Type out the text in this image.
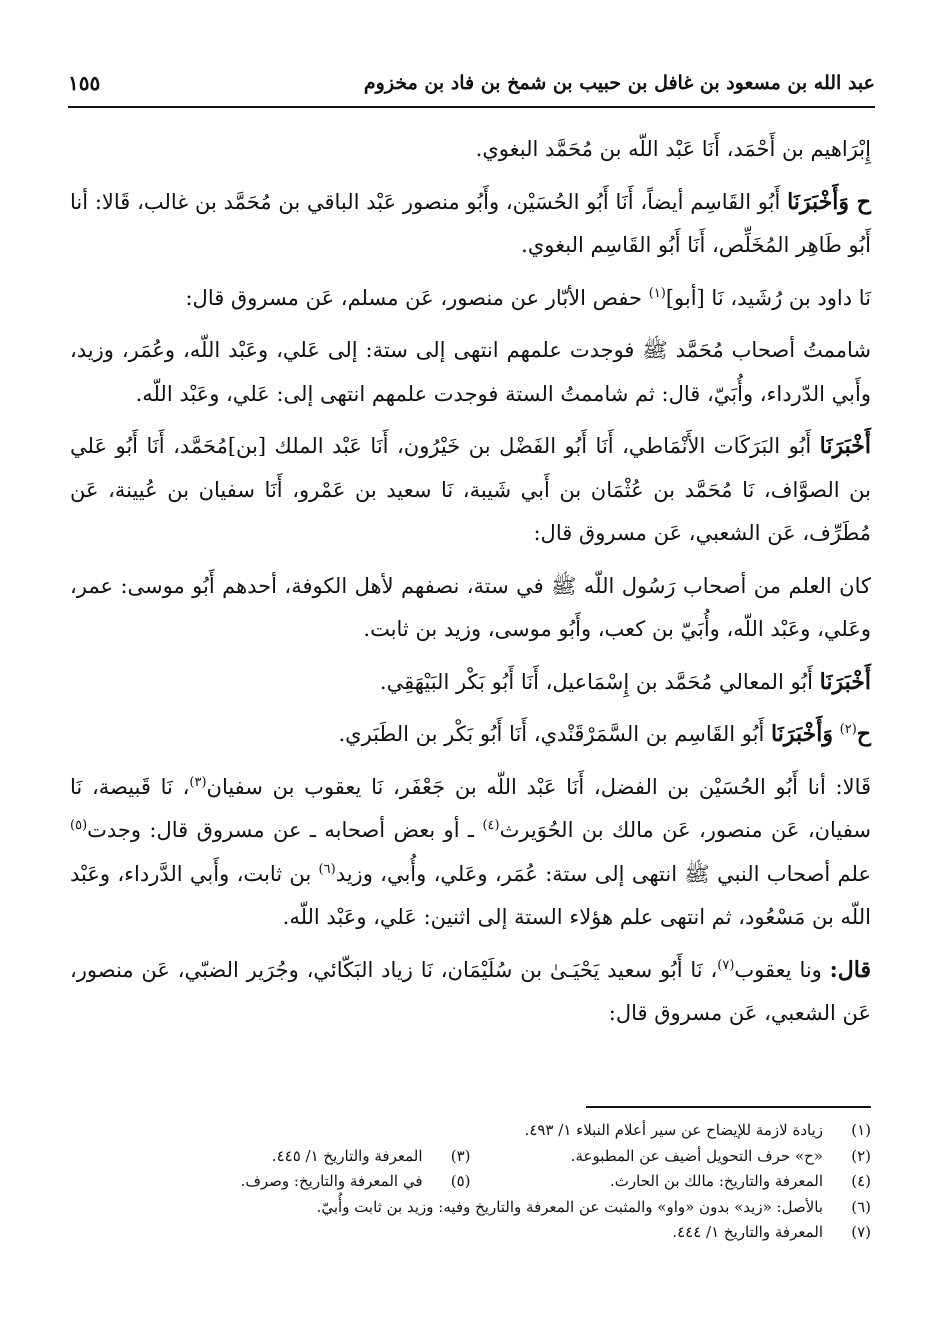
عبد الله بن مسعود بن غافل بن حبيب بن شمخ بن فاد بن مخزوم
١٥٥

إِبْرَاهيم بن أَحْمَد، أَنَا عَبْد اللّه بن مُحَمَّد البغوي.

ح وَأَخْبَرَنَا أَبُو القَاسِم أيضاً، أَنَا أَبُو الحُسَيْن، وأَبُو منصور عَبْد الباقي بن مُحَمَّد بن غالب، قَالا: أنا أَبُو طَاهِر المُخَلِّص، أَنَا أَبُو القَاسِم البغوي.

نَا داود بن رُشَيد، نَا [أبو]$^{(١)}$ حفص الأبّار عن منصور، عَن مسلم، عَن مسروق قال:

شاممتُ أصحاب مُحَمَّد ﷺ فوجدت علمهم انتهى إلى ستة: إلى عَلي، وعَبْد اللّه، وعُمَر، وزيد، وأَبي الدّرداء، وأُبَيّ، قال: ثم شاممتُ الستة فوجدت علمهم انتهى إلى: عَلي، وعَبْد اللّه.

أَخْبَرَنَا أَبُو البَرَكَات الأَنْمَاطي، أَنَا أَبُو الفَضْل بن خَيْرُون، أَنَا عَبْد الملك [بن]مُحَمَّد، أَنَا أَبُو عَلي بن الصوَّاف، نَا مُحَمَّد بن عُثْمَان بن أَبي شَيبة، نَا سعيد بن عَمْرو، أَنَا سفيان بن عُيينة، عَن مُطَرِّف، عَن الشعبي، عَن مسروق قال:

كان العلم من أصحاب رَسُول اللّه ﷺ في ستة، نصفهم لأهل الكوفة، أحدهم أَبُو موسى: عمر، وعَلي، وعَبْد اللّه، وأُبَيّ بن كعب، وأَبُو موسى، وزيد بن ثابت.

أَخْبَرَنَا أَبُو المعالي مُحَمَّد بن إِسْمَاعيل، أَنَا أَبُو بَكْر البَيْهَقِي.

ح$^{(٢)}$ وَأَخْبَرَنَا أَبُو القَاسِم بن السَّمَرْقَنْدي، أَنَا أَبُو بَكْر بن الطَبَري.

قَالا: أنا أَبُو الحُسَيْن بن الفضل، أَنَا عَبْد اللّه بن جَعْفَر، نَا يعقوب بن سفيان$^{(٣)}$، نَا قَبيصة، نَا سفيان، عَن منصور، عَن مالك بن الحُوَيرث$^{(٤)}$ ـ أو بعض أصحابه ـ عن مسروق قال: وجدت$^{(٥)}$ علم أصحاب النبي ﷺ انتهى إلى ستة: عُمَر، وعَلي، وأُبي، وزيد$^{(٦)}$ بن ثابت، وأَبي الدَّرداء، وعَبْد اللّه بن مَسْعُود، ثم انتهى علم هؤلاء الستة إلى اثنين: عَلي، وعَبْد اللّه.

قال: ونا يعقوب$^{(٧)}$، نَا أَبُو سعيد يَحْيَـىٰ بن سُلَيْمَان، نَا زياد البَكّائي، وجُرَير الضبّي، عَن منصور، عَن الشعبي، عَن مسروق قال:

(١)
زيادة لازمة للإيضاح عن سير أعلام النبلاء ١/ ٤٩٣.
(٢)
«ح» حرف التحويل أضيف عن المطبوعة.
(٣)
المعرفة والتاريخ ١/ ٤٤٥.
(٤)
المعرفة والتاريخ: مالك بن الحارث.
(٥)
في المعرفة والتاريخ: وصرف.
(٦)
بالأصل: «زيد» بدون «واو» والمثبت عن المعرفة والتاريخ وفيه: وزيد بن ثابت وأُبيّ.
(٧)
المعرفة والتاريخ ١/ ٤٤٤.
